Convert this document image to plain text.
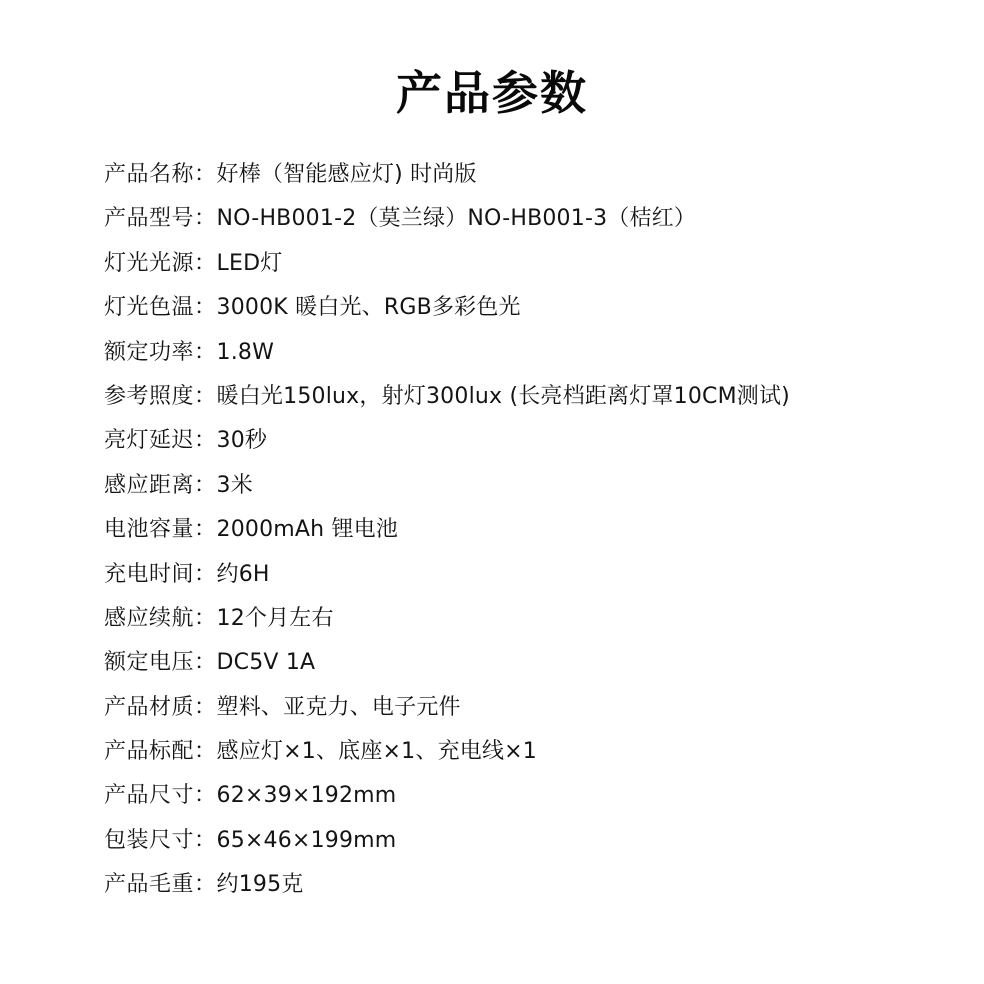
产品参数
产品名称：好棒（智能感应灯) 时尚版
产品型号：NO-HB001-2（莫兰绿）NO-HB001-3（桔红）
灯光光源：LED灯
灯光色温：3000K 暖白光、RGB多彩色光
额定功率：1.8W
参考照度：暖白光150lux，射灯300lux (长亮档距离灯罩10CM测试)
亮灯延迟：30秒
感应距离：3米
电池容量：2000mAh 锂电池
充电时间：约6H
感应续航：12个月左右
额定电压：DC5V 1A
产品材质：塑料、亚克力、电子元件
产品标配：感应灯×1、底座×1、充电线×1
产品尺寸：62×39×192mm
包装尺寸：65×46×199mm
产品毛重：约195克
